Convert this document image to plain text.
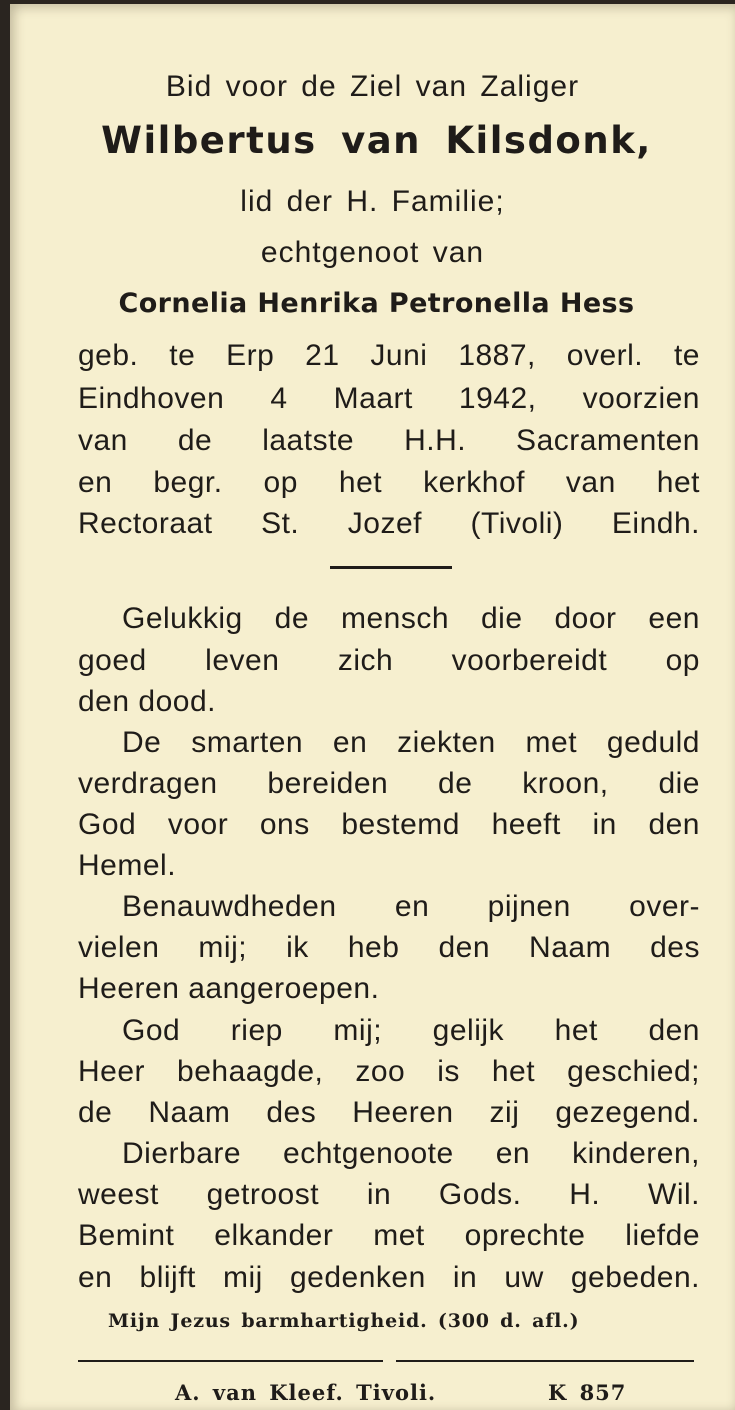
Bid voor de Ziel van Zaliger
Wilbertus van Kilsdonk,
lid der H. Familie;
echtgenoot van
Cornelia Henrika Petronella Hess
geb. te Erp 21 Juni 1887, overl. te
Eindhoven 4 Maart 1942, voorzien
van de laatste H.H. Sacramenten
en begr. op het kerkhof van het
Rectoraat St. Jozef (Tivoli) Eindh.
Gelukkig de mensch die door een
goed leven zich voorbereidt op
den dood.
De smarten en ziekten met geduld
verdragen bereiden de kroon, die
God voor ons bestemd heeft in den
Hemel.
Benauwdheden en pijnen over-
vielen mij; ik heb den Naam des
Heeren aangeroepen.
God riep mij; gelijk het den
Heer behaagde, zoo is het geschied;
de Naam des Heeren zij gezegend.
Dierbare echtgenoote en kinderen,
weest getroost in Gods. H. Wil.
Bemint elkander met oprechte liefde
en blijft mij gedenken in uw gebeden.
Mijn Jezus barmhartigheid. (300 d. afl.)
A. van Kleef. Tivoli.	K 857
